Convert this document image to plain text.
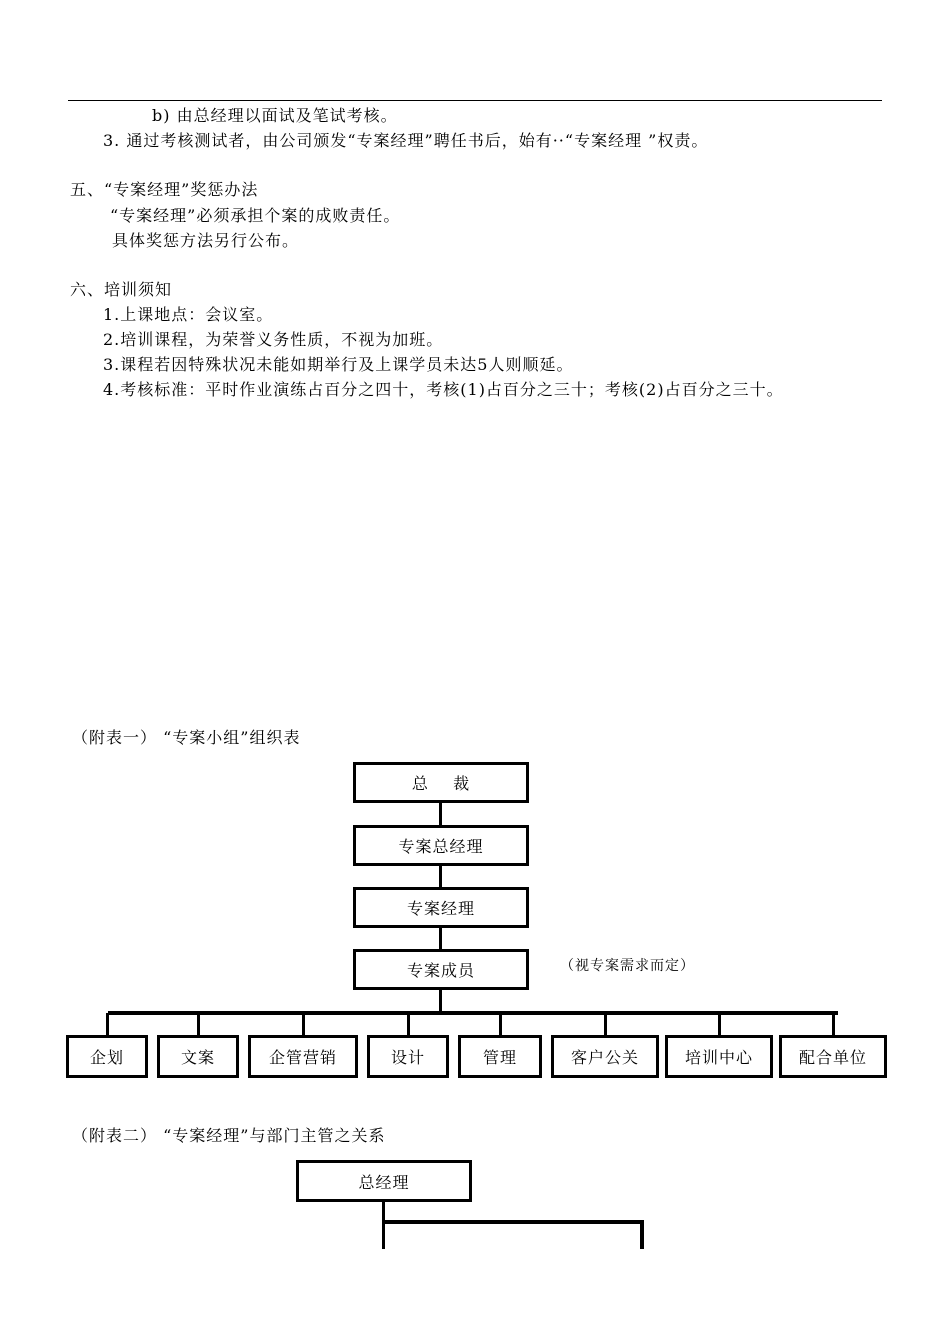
b) 由总经理以面试及笔试考核。
3. 通过考核测试者，由公司颁发“专案经理”聘任书后，始有··“专案经理 ”权责。
五、“专案经理”奖惩办法
“专案经理”必须承担个案的成败责任。
具体奖惩方法另行公布。
六、培训须知
1.上课地点：会议室。
2.培训课程，为荣誉义务性质，不视为加班。
3.课程若因特殊状况未能如期举行及上课学员未达5人则顺延。
4.考核标准：平时作业演练占百分之四十，考核(1)占百分之三十；考核(2)占百分之三十。
（附表一） “专案小组”组织表
总    裁
专案总经理
专案经理
专案成员	（视专案需求而定）
企划	文案	企管营销	设计	管理	客户公关	培训中心	配合单位
（附表二） “专案经理”与部门主管之关系
总经理
